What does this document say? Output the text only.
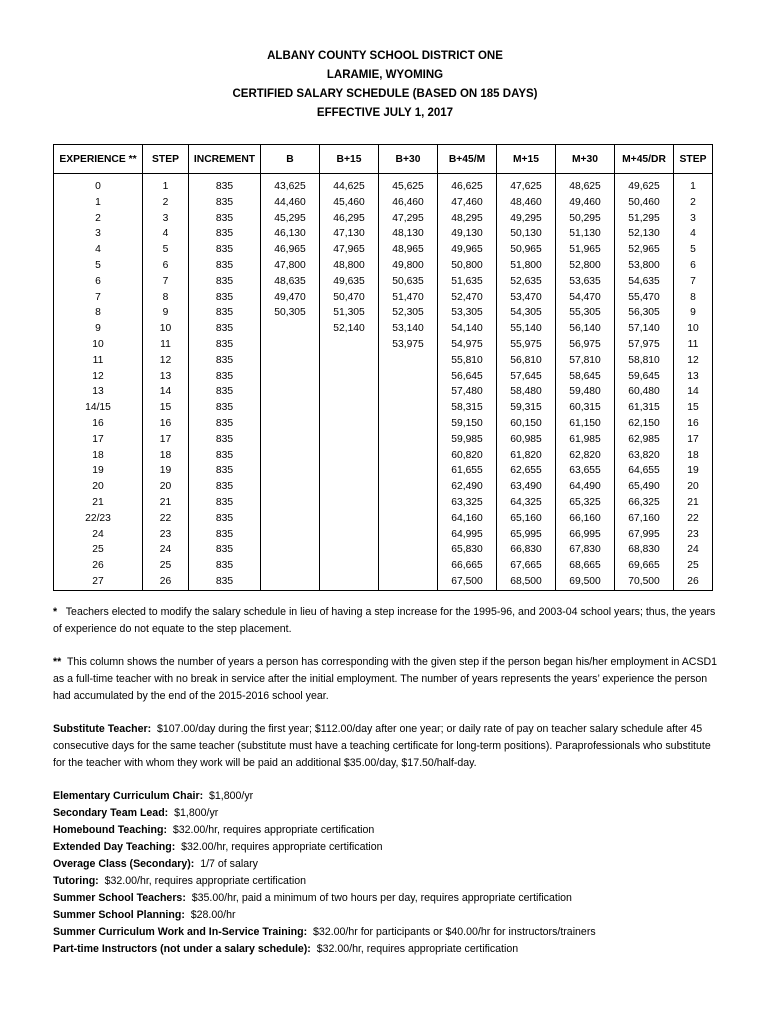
ALBANY COUNTY SCHOOL DISTRICT ONE
LARAMIE, WYOMING
CERTIFIED SALARY SCHEDULE (BASED ON 185 DAYS)
EFFECTIVE JULY 1, 2017
EXPERIENCE **	STEP	INCREMENT	B	B+15	B+30	B+45/M	M+15	M+30	M+45/DR	STEP
0	1	835	43,625	44,625	45,625	46,625	47,625	48,625	49,625	1
1	2	835	44,460	45,460	46,460	47,460	48,460	49,460	50,460	2
2	3	835	45,295	46,295	47,295	48,295	49,295	50,295	51,295	3
3	4	835	46,130	47,130	48,130	49,130	50,130	51,130	52,130	4
4	5	835	46,965	47,965	48,965	49,965	50,965	51,965	52,965	5
5	6	835	47,800	48,800	49,800	50,800	51,800	52,800	53,800	6
6	7	835	48,635	49,635	50,635	51,635	52,635	53,635	54,635	7
7	8	835	49,470	50,470	51,470	52,470	53,470	54,470	55,470	8
8	9	835	50,305	51,305	52,305	53,305	54,305	55,305	56,305	9
9	10	835		52,140	53,140	54,140	55,140	56,140	57,140	10
10	11	835			53,975	54,975	55,975	56,975	57,975	11
11	12	835				55,810	56,810	57,810	58,810	12
12	13	835				56,645	57,645	58,645	59,645	13
13	14	835				57,480	58,480	59,480	60,480	14
14/15	15	835				58,315	59,315	60,315	61,315	15
16	16	835				59,150	60,150	61,150	62,150	16
17	17	835				59,985	60,985	61,985	62,985	17
18	18	835				60,820	61,820	62,820	63,820	18
19	19	835				61,655	62,655	63,655	64,655	19
20	20	835				62,490	63,490	64,490	65,490	20
21	21	835				63,325	64,325	65,325	66,325	21
22/23	22	835				64,160	65,160	66,160	67,160	22
24	23	835				64,995	65,995	66,995	67,995	23
25	24	835				65,830	66,830	67,830	68,830	24
26	25	835				66,665	67,665	68,665	69,665	25
27	26	835				67,500	68,500	69,500	70,500	26

* Teachers elected to modify the salary schedule in lieu of having a step increase for the 1995-96, and 2003-04 school years; thus, the years of experience do not equate to the step placement.

** This column shows the number of years a person has corresponding with the given step if the person began his/her employment in ACSD1 as a full-time teacher with no break in service after the initial employment. The number of years represents the years’ experience the person had accumulated by the end of the 2015-2016 school year.

Substitute Teacher: $107.00/day during the first year; $112.00/day after one year; or daily rate of pay on teacher salary schedule after 45 consecutive days for the same teacher (substitute must have a teaching certificate for long-term positions). Paraprofessionals who substitute for the teacher with whom they work will be paid an additional $35.00/day, $17.50/half-day.

Elementary Curriculum Chair: $1,800/yr
Secondary Team Lead: $1,800/yr
Homebound Teaching: $32.00/hr, requires appropriate certification
Extended Day Teaching: $32.00/hr, requires appropriate certification
Overage Class (Secondary): 1/7 of salary
Tutoring: $32.00/hr, requires appropriate certification
Summer School Teachers: $35.00/hr, paid a minimum of two hours per day, requires appropriate certification
Summer School Planning: $28.00/hr
Summer Curriculum Work and In-Service Training: $32.00/hr for participants or $40.00/hr for instructors/trainers
Part-time Instructors (not under a salary schedule): $32.00/hr, requires appropriate certification
